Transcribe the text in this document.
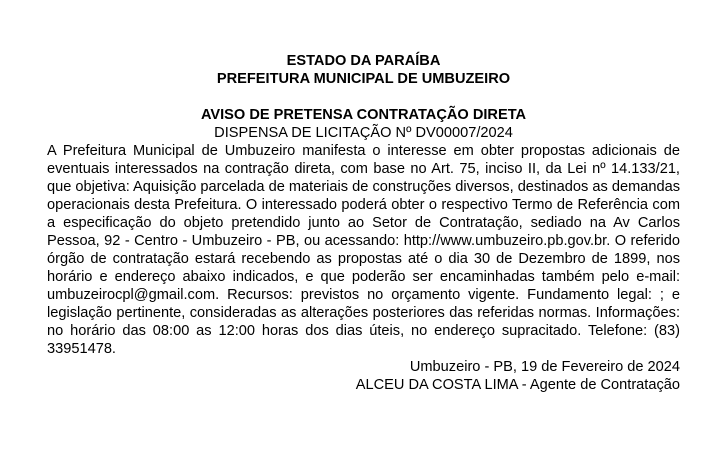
ESTADO DA PARAÍBA
PREFEITURA MUNICIPAL DE UMBUZEIRO
AVISO DE PRETENSA CONTRATAÇÃO DIRETA
DISPENSA DE LICITAÇÃO Nº DV00007/2024
A Prefeitura Municipal de Umbuzeiro manifesta o interesse em obter propostas adicionais de eventuais interessados na contração direta, com base no Art. 75, inciso II, da Lei nº 14.133/21, que objetiva: Aquisição parcelada de materiais de construções diversos, destinados as demandas operacionais desta Prefeitura. O interessado poderá obter o respectivo Termo de Referência com a especificação do objeto pretendido junto ao Setor de Contratação, sediado na Av Carlos Pessoa, 92 - Centro - Umbuzeiro - PB, ou acessando: http://www.umbuzeiro.pb.gov.br. O referido órgão de contratação estará recebendo as propostas até o dia 30 de Dezembro de 1899, nos horário e endereço abaixo indicados, e que poderão ser encaminhadas também pelo e-mail: umbuzeirocpl@gmail.com. Recursos: previstos no orçamento vigente. Fundamento legal: ; e legislação pertinente, consideradas as alterações posteriores das referidas normas. Informações: no horário das 08:00 as 12:00 horas dos dias úteis, no endereço supracitado. Telefone: (83) 33951478.
Umbuzeiro - PB, 19 de Fevereiro de 2024
ALCEU DA COSTA LIMA - Agente de Contratação
